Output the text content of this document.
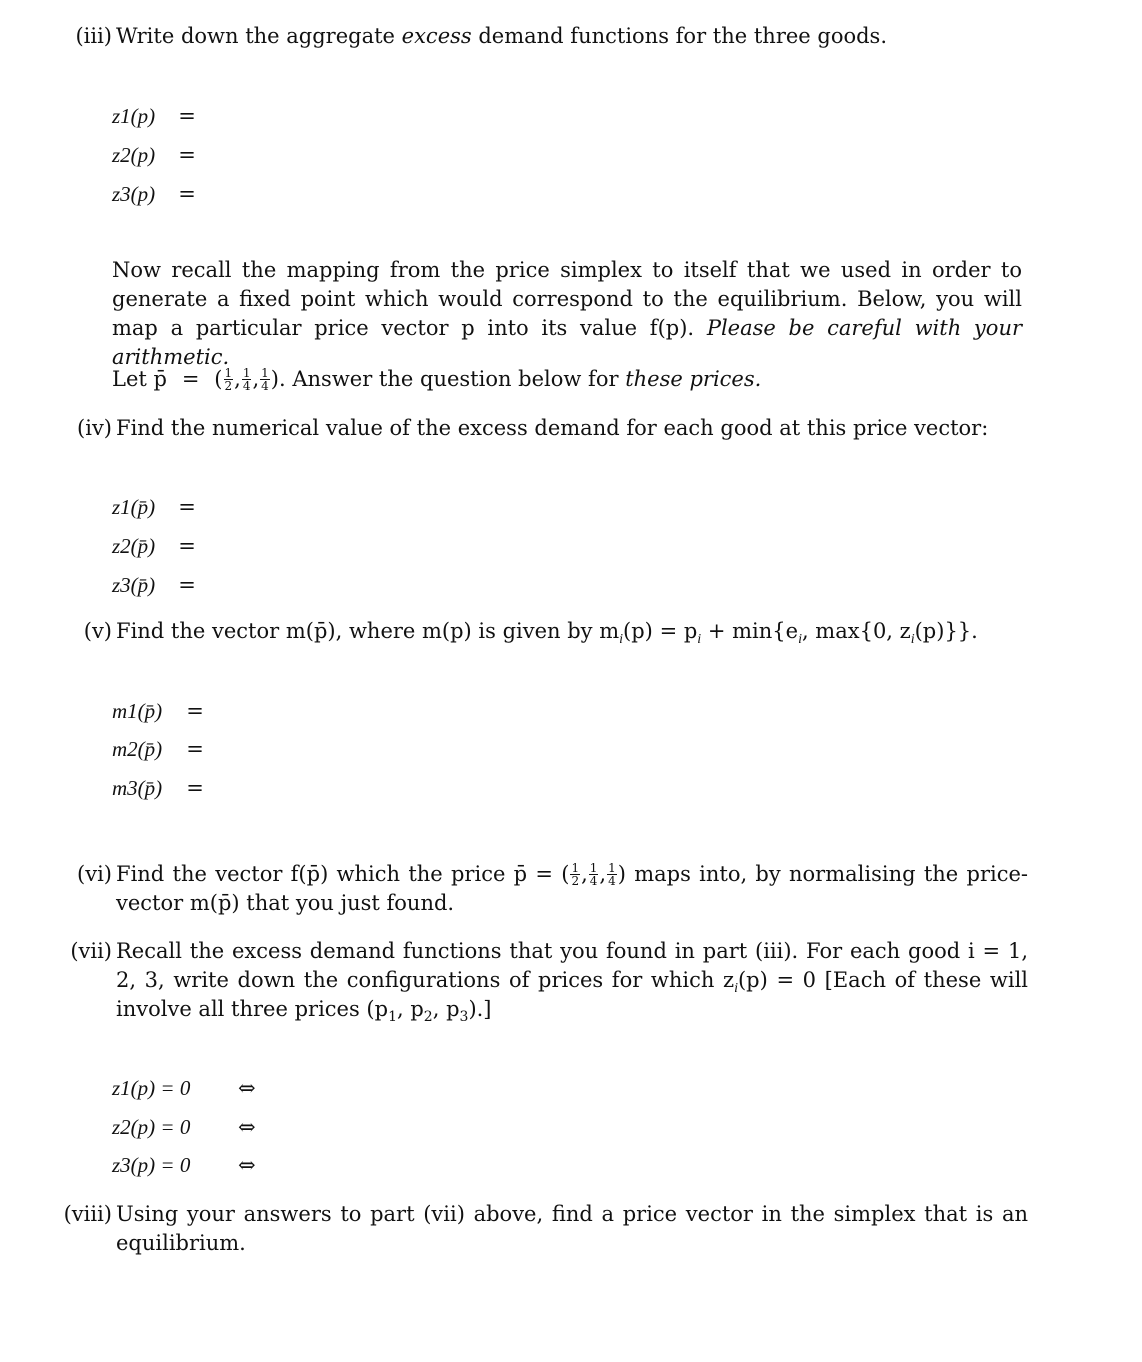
(iii) Write down the aggregate excess demand functions for the three goods.
z1(p)	=
z2(p)	=
z3(p)	=
Now recall the mapping from the price simplex to itself that we used in order to generate a fixed point which would correspond to the equilibrium. Below, you will map a particular price vector p into its value f(p). Please be careful with your arithmetic.
Let p̄ = ( $\frac{1}{2}$ , $\frac{1}{4}$ , $\frac{1}{4}$ ). Answer the question below for these prices.
(iv) Find the numerical value of the excess demand for each good at this price vector:
z1(p̄)	=
z2(p̄)	=
z3(p̄)	=
(v) Find the vector m(p̄), where m(p) is given by $m_i(p) = p_i + \min\{e_i$, max{0, $z_i(p)$}}.
m1(p̄)	=
m2(p̄)	=
m3(p̄)	=
(vi) Find the vector f(p̄) which the price p̄ = ( $\frac{1}{2}$ , $\frac{1}{4}$ , $\frac{1}{4}$ ) maps into, by normalising the price-vector m(p̄) that you just found.
(vii) Recall the excess demand functions that you found in part (iii). For each good i = 1, 2, 3, write down the configurations of prices for which $z_i(p) = 0$ [Each of these will involve all three prices ($p_1$, $p_2$, $p_3$).]
z1(p) = 0	⇔
z2(p) = 0	⇔
z3(p) = 0	⇔
(viii) Using your answers to part (vii) above, find a price vector in the simplex that is an equilibrium.
